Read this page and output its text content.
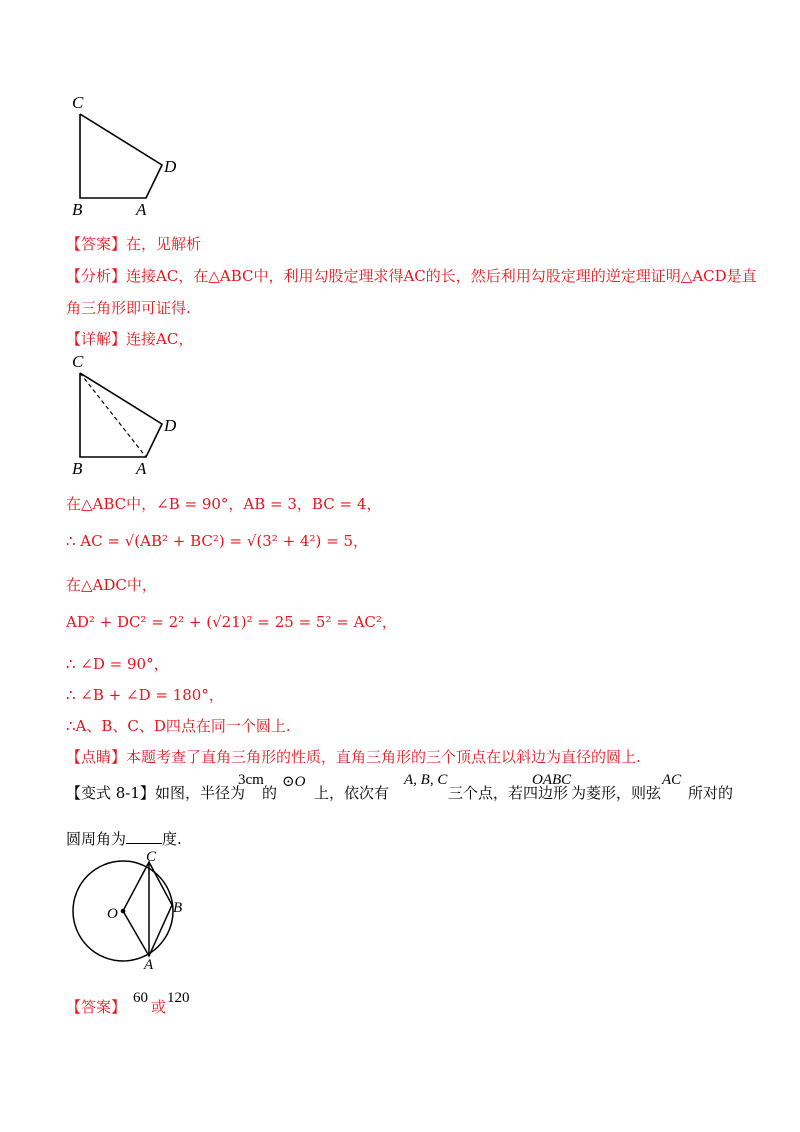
C
D
B	A
【答案】在，见解析
【分析】连接AC，在△ABC中，利用勾股定理求得AC的长，然后利用勾股定理的逆定理证明△ACD是直
角三角形即可证得.
【详解】连接AC，
C
D
B	A
在△ABC中，∠B = 90°，AB = 3，BC = 4，
∴ AC = √(AB² + BC²) = √(3² + 4²) = 5，
在△ADC中，
AD² + DC² = 2² + (√21)² = 25 = 5² = AC²，
∴ ∠D = 90°，
∴ ∠B + ∠D = 180°，
∴A、B、C、D四点在同一个圆上.
【点睛】本题考查了直角三角形的性质，直角三角形的三个顶点在以斜边为直径的圆上.
【变式 8-1】如图，半径为
3cm
的
⊙O
上，依次有
A, B, C
三个点，若四边形
OABC
为菱形，则弦
AC
所对的
圆周角为 度.
C
O	B
A
【答案】 60 或 120
